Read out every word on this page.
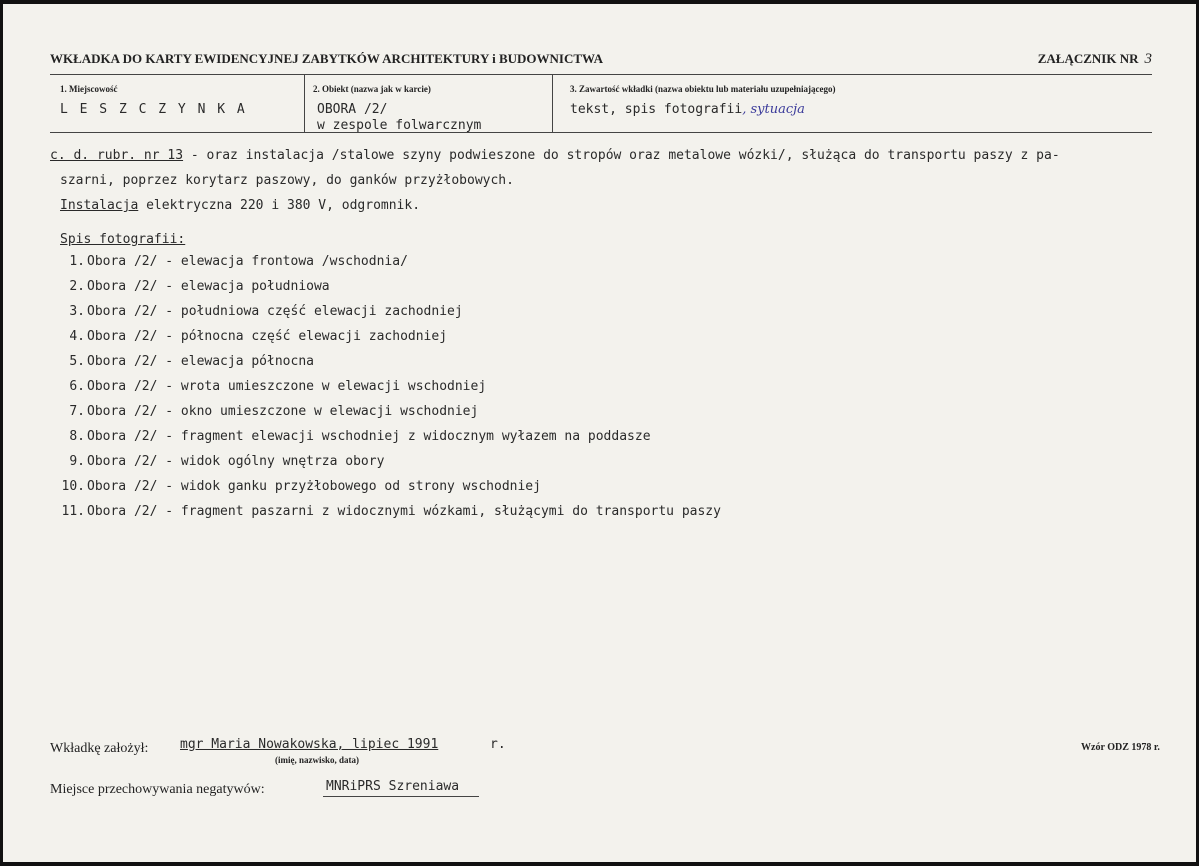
WKŁADKA DO KARTY EWIDENCYJNEJ ZABYTKÓW ARCHITEKTURY i BUDOWNICTWA	ZAŁĄCZNIK NR 3
1. Miejscowość
L E S Z C Z Y N K A
2. Obiekt (nazwa jak w karcie)
OBORA /2/
w zespole folwarcznym
3. Zawartość wkładki (nazwa obiektu lub materiału uzupełniającego)
tekst, spis fotografii, sytuacja
c. d. rubr. nr 13 - oraz instalacja /stalowe szyny podwieszone do stropów oraz metalowe wózki/, służąca do transportu paszy z pa-
szarni, poprzez korytarz paszowy, do ganków przyżłobowych.
Instalacja elektryczna 220 i 380 V, odgromnik.
Spis fotografii:
1. Obora /2/ - elewacja frontowa /wschodnia/
2. Obora /2/ - elewacja południowa
3. Obora /2/ - południowa część elewacji zachodniej
4. Obora /2/ - północna część elewacji zachodniej
5. Obora /2/ - elewacja północna
6. Obora /2/ - wrota umieszczone w elewacji wschodniej
7. Obora /2/ - okno umieszczone w elewacji wschodniej
8. Obora /2/ - fragment elewacji wschodniej z widocznym wyłazem na poddasze
9. Obora /2/ - widok ogólny wnętrza obory
10. Obora /2/ - widok ganku przyżłobowego od strony wschodniej
11. Obora /2/ - fragment paszarni z widocznymi wózkami, służącymi do transportu paszy
Wkładkę założył: mgr Maria Nowakowska, lipiec 1991	r.
(imię, nazwisko, data)
Miejsce przechowywania negatywów:	MNRiPRS Szreniawa
Wzór ODZ 1978 r.
